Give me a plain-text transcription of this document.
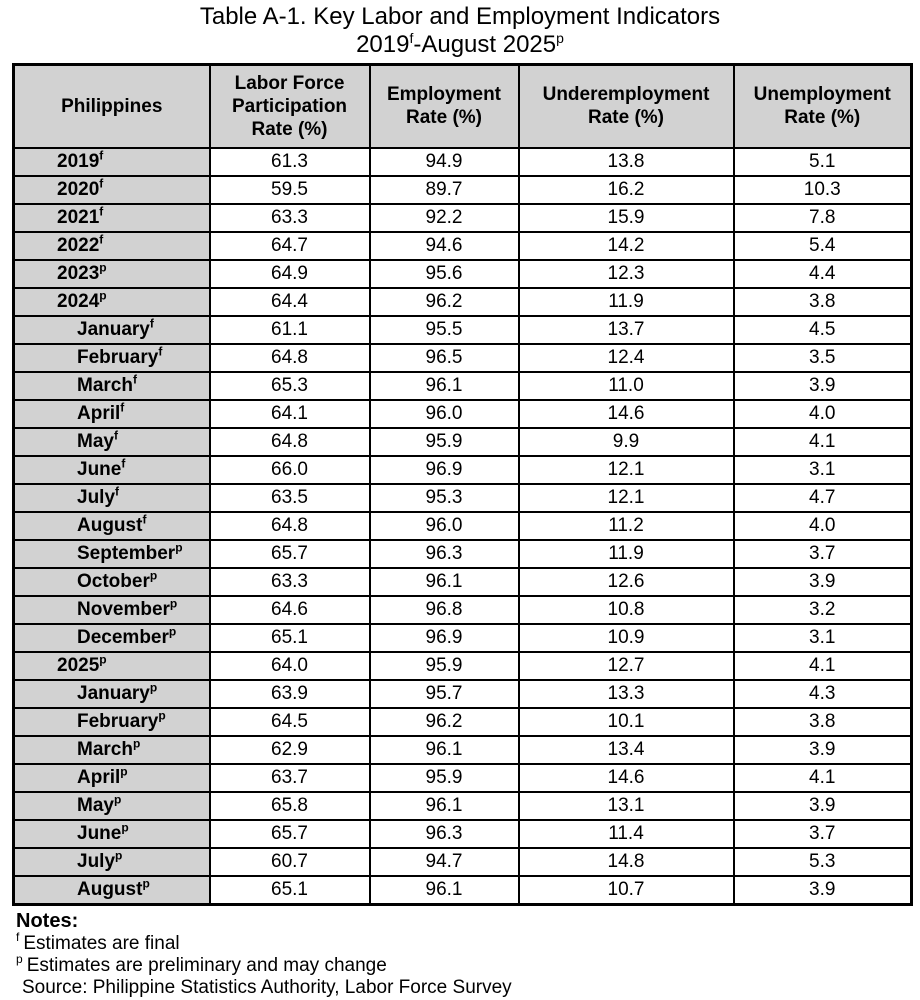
Table A-1. Key Labor and Employment Indicators
2019$^f$-August 2025$^p$
Philippines	Labor Force Participation Rate (%)	Employment Rate (%)	Underemployment Rate (%)	Unemployment Rate (%)
2019$^f$	61.3	94.9	13.8	5.1
2020$^f$	59.5	89.7	16.2	10.3
2021$^f$	63.3	92.2	15.9	7.8
2022$^f$	64.7	94.6	14.2	5.4
2023$^p$	64.9	95.6	12.3	4.4
2024$^p$	64.4	96.2	11.9	3.8
January$^f$	61.1	95.5	13.7	4.5
February$^f$	64.8	96.5	12.4	3.5
March$^f$	65.3	96.1	11.0	3.9
April$^f$	64.1	96.0	14.6	4.0
May$^f$	64.8	95.9	9.9	4.1
June$^f$	66.0	96.9	12.1	3.1
July$^f$	63.5	95.3	12.1	4.7
August$^f$	64.8	96.0	11.2	4.0
September$^p$	65.7	96.3	11.9	3.7
October$^p$	63.3	96.1	12.6	3.9
November$^p$	64.6	96.8	10.8	3.2
December$^p$	65.1	96.9	10.9	3.1
2025$^p$	64.0	95.9	12.7	4.1
January$^p$	63.9	95.7	13.3	4.3
February$^p$	64.5	96.2	10.1	3.8
March$^p$	62.9	96.1	13.4	3.9
April$^p$	63.7	95.9	14.6	4.1
May$^p$	65.8	96.1	13.1	3.9
June$^p$	65.7	96.3	11.4	3.7
July$^p$	60.7	94.7	14.8	5.3
August$^p$	65.1	96.1	10.7	3.9
Notes:
$^f$ Estimates are final
$^p$ Estimates are preliminary and may change
Source: Philippine Statistics Authority, Labor Force Survey
